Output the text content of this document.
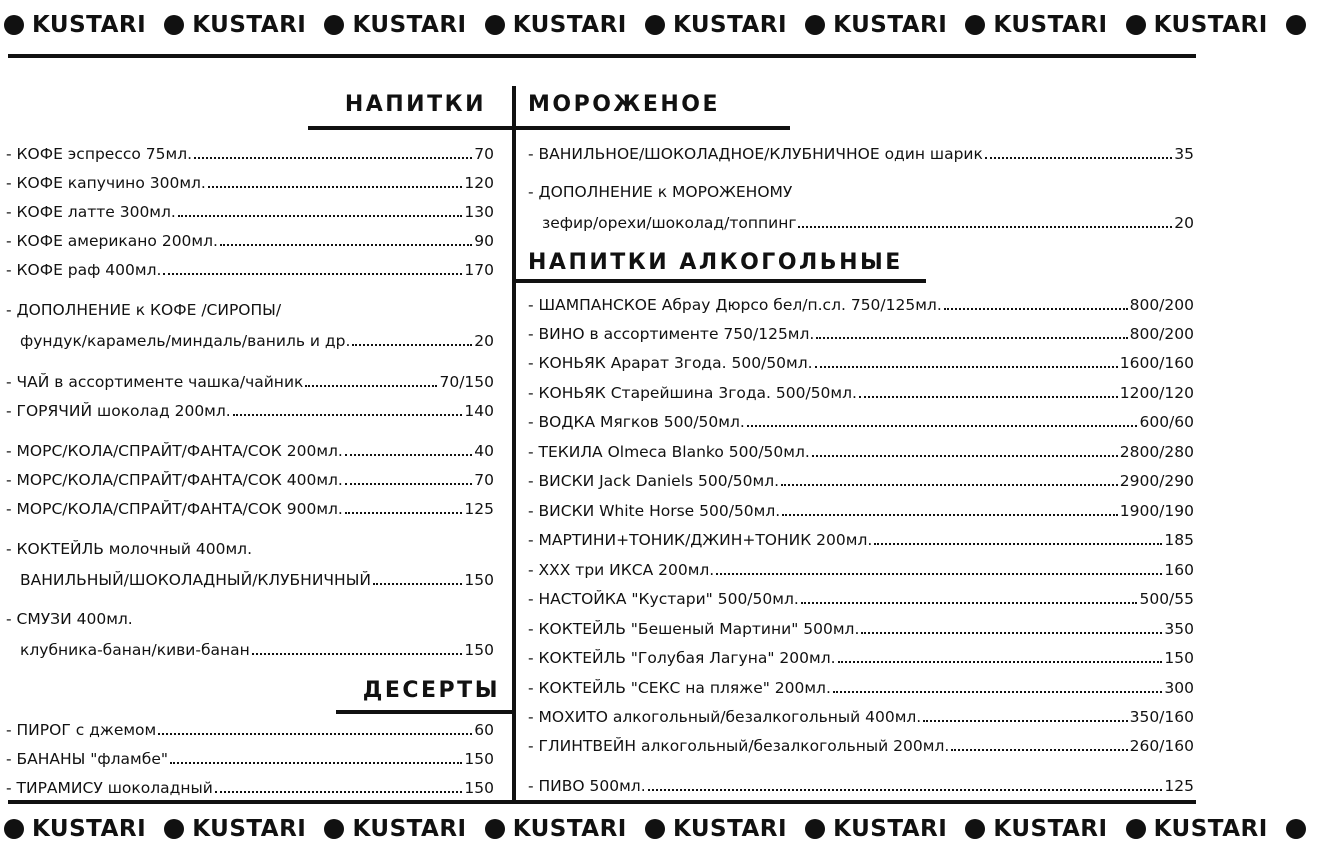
KUSTARI
KUSTARI
KUSTARI
KUSTARI
KUSTARI
KUSTARI
KUSTARI
KUSTARI

НАПИТКИ МОРОЖЕНОЕ
НАПИТКИ АЛКОГОЛЬНЫЕ
ДЕСЕРТЫ
- КОФЕ эспрессо 75мл.	70
- КОФЕ капучино 300мл.	120
- КОФЕ латте 300мл.	130
- КОФЕ американо 200мл.	90
- КОФЕ раф 400мл.	170
- ДОПОЛНЕНИЕ к КОФЕ /СИРОПЫ/
фундук/карамель/миндаль/ваниль и др.	20
- ЧАЙ в ассортименте чашка/чайник	70/150
- ГОРЯЧИЙ шоколад 200мл.	140
- МОРС/КОЛА/СПРАЙТ/ФАНТА/СОК 200мл.	40
- МОРС/КОЛА/СПРАЙТ/ФАНТА/СОК 400мл.	70
- МОРС/КОЛА/СПРАЙТ/ФАНТА/СОК 900мл.	125
- КОКТЕЙЛЬ молочный 400мл.
ВАНИЛЬНЫЙ/ШОКОЛАДНЫЙ/КЛУБНИЧНЫЙ	150
- СМУЗИ 400мл.
клубника-банан/киви-банан	150
- ПИРОГ с джемом	60
- БАНАНЫ "фламбе"	150
- ТИРАМИСУ шоколадный	150
- ВАНИЛЬНОЕ/ШОКОЛАДНОЕ/КЛУБНИЧНОЕ один шарик	35
- ДОПОЛНЕНИЕ к МОРОЖЕНОМУ
зефир/орехи/шоколад/топпинг	20
- ШАМПАНСКОЕ Абрау Дюрсо бел/п.сл. 750/125мл.	800/200
- ВИНО в ассортименте 750/125мл.	800/200
- КОНЬЯК Арарат 3года. 500/50мл.	1600/160
- КОНЬЯК Старейшина 3года. 500/50мл.	1200/120
- ВОДКА Мягков 500/50мл.	600/60
- ТЕКИЛА Olmeca Blanko 500/50мл.	2800/280
- ВИСКИ Jack Daniels 500/50мл.	2900/290
- ВИСКИ White Horse 500/50мл.	1900/190
- МАРТИНИ+ТОНИК/ДЖИН+ТОНИК 200мл.	185
- ХХХ три ИКСА 200мл.	160
- НАСТОЙКА "Кустари" 500/50мл.	500/55
- КОКТЕЙЛЬ "Бешеный Мартини" 500мл.	350
- КОКТЕЙЛЬ "Голубая Лагуна" 200мл.	150
- КОКТЕЙЛЬ "СЕКС на пляже" 200мл.	300
- МОХИТО алкогольный/безалкогольный 400мл.	350/160
- ГЛИНТВЕЙН алкогольный/безалкогольный 200мл.	260/160
- ПИВО 500мл.	125
KUSTARI
KUSTARI
KUSTARI
KUSTARI
KUSTARI
KUSTARI
KUSTARI
KUSTARI
